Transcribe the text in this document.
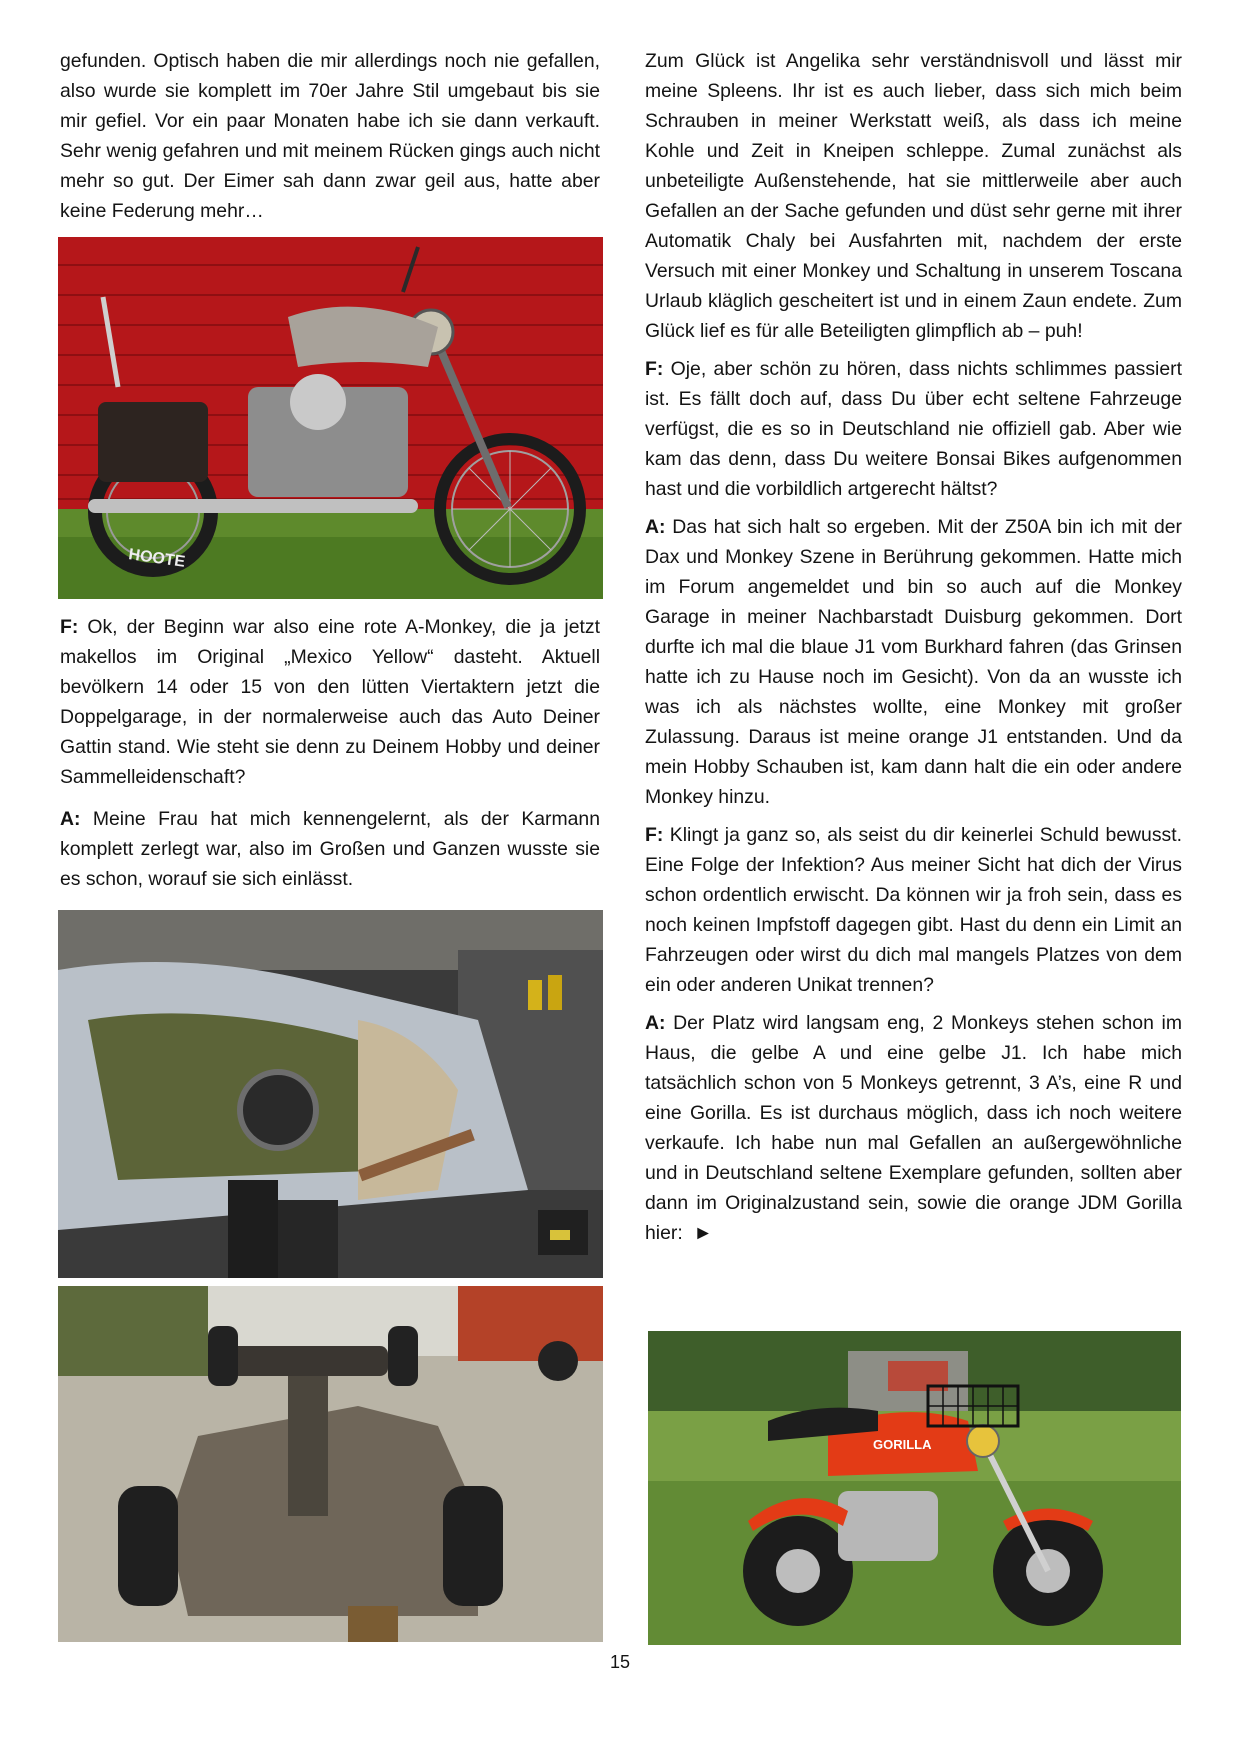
gefunden. Optisch haben die mir allerdings noch nie gefallen, also wurde sie komplett im 70er Jahre Stil umgebaut bis sie mir gefiel. Vor ein paar Monaten habe ich sie dann verkauft. Sehr wenig gefahren und mit meinem Rücken gings auch nicht mehr so gut. Der Eimer sah dann zwar geil aus, hatte aber keine Federung mehr…

F: Ok, der Beginn war also eine rote A-Monkey, die ja jetzt makellos im Original „Mexico Yellow“ dasteht. Aktuell bevölkern 14 oder 15 von den lütten Viertaktern jetzt die Doppelgarage, in der normalerweise auch das Auto Deiner Gattin stand. Wie steht sie denn zu Deinem Hobby und deiner Sammelleidenschaft?

A: Meine Frau hat mich kennengelernt, als der Karmann komplett zerlegt war, also im Großen und Ganzen wusste sie es schon, worauf sie sich einlässt.

Zum Glück ist Angelika sehr verständnisvoll und lässt mir meine Spleens. Ihr ist es auch lieber, dass sich mich beim Schrauben in meiner Werkstatt weiß, als dass ich meine Kohle und Zeit in Kneipen schleppe. Zumal zunächst als unbeteiligte Außenstehende, hat sie mittlerweile aber auch Gefallen an der Sache gefunden und düst sehr gerne mit ihrer Automatik Chaly bei Ausfahrten mit, nachdem der erste Versuch mit einer Monkey und Schaltung in unserem Toscana Urlaub kläglich gescheitert ist und in einem Zaun endete. Zum Glück lief es für alle Beteiligten glimpflich ab – puh!

F: Oje, aber schön zu hören, dass nichts schlimmes passiert ist. Es fällt doch auf, dass Du über echt seltene Fahrzeuge verfügst, die es so in Deutschland nie offiziell gab. Aber wie kam das denn, dass Du weitere Bonsai Bikes aufgenommen hast und die vorbildlich artgerecht hältst?

A: Das hat sich halt so ergeben. Mit der Z50A bin ich mit der Dax und Monkey Szene in Berührung gekommen. Hatte mich im Forum angemeldet und bin so auch auf die Monkey Garage in meiner Nachbarstadt Duisburg gekommen. Dort durfte ich mal die blaue J1 vom Burkhard fahren (das Grinsen hatte ich zu Hause noch im Gesicht). Von da an wusste ich was ich als nächstes wollte, eine Monkey mit großer Zulassung. Daraus ist meine orange J1 entstanden. Und da mein Hobby Schauben ist, kam dann halt die ein oder andere Monkey hinzu.

F: Klingt ja ganz so, als seist du dir keinerlei Schuld bewusst. Eine Folge der Infektion? Aus meiner Sicht hat dich der Virus schon ordentlich erwischt. Da können wir ja froh sein, dass es noch keinen Impfstoff dagegen gibt. Hast du denn ein Limit an Fahrzeugen oder wirst du dich mal mangels Platzes von dem ein oder anderen Unikat trennen?

A: Der Platz wird langsam eng, 2 Monkeys stehen schon im Haus, die gelbe A und eine gelbe J1. Ich habe mich tatsächlich schon von 5 Monkeys getrennt, 3 A’s, eine R und eine Gorilla. Es ist durchaus möglich, dass ich noch weitere verkaufe. Ich habe nun mal Gefallen an außergewöhnliche und in Deutschland seltene Exemplare gefunden, sollten aber dann im Originalzustand sein, sowie die orange JDM Gorilla hier: ►

HOOTE
GORILLA
15
